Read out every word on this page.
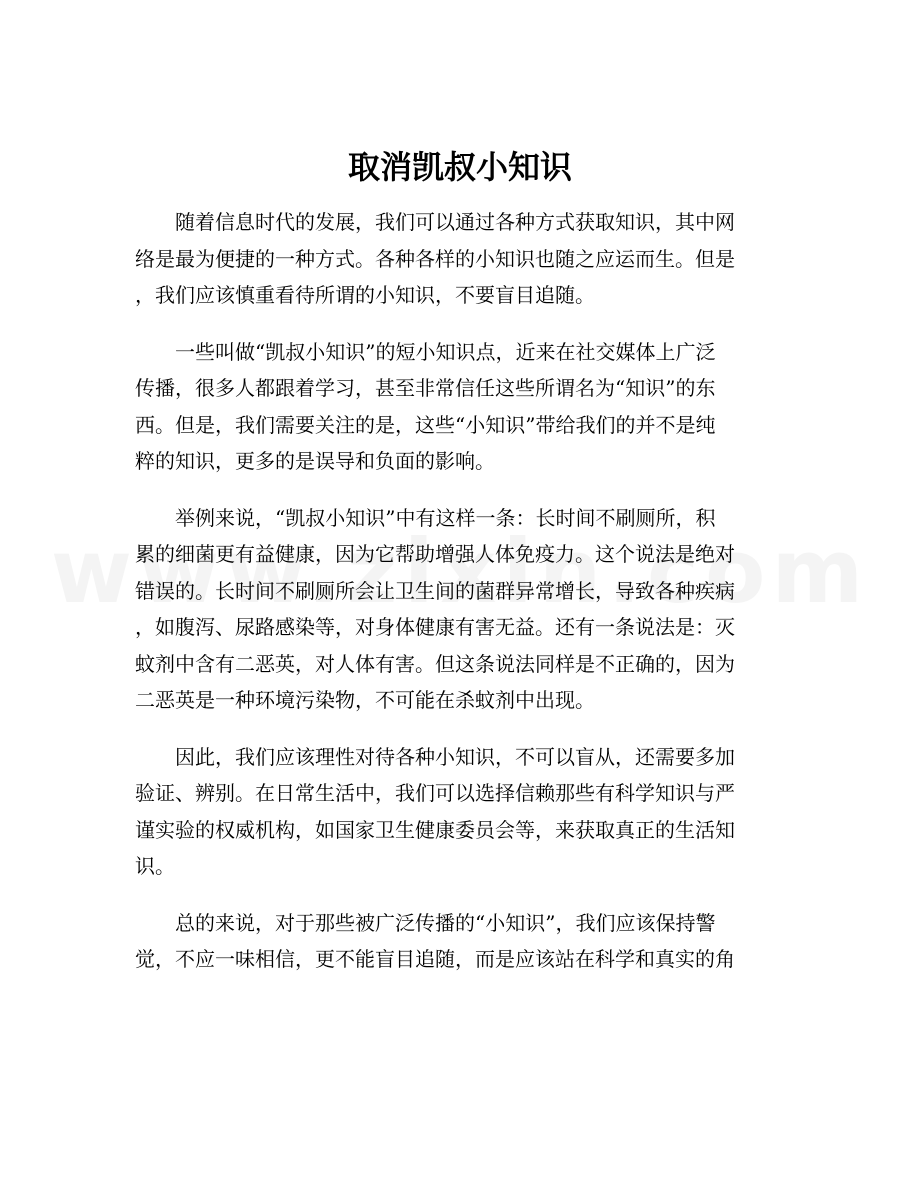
取消凯叔小知识

随着信息时代的发展，我们可以通过各种方式获取知识，其中网
络是最为便捷的一种方式。各种各样的小知识也随之应运而生。但是
，我们应该慎重看待所谓的小知识，不要盲目追随。

一些叫做“凯叔小知识”的短小知识点，近来在社交媒体上广泛
传播，很多人都跟着学习，甚至非常信任这些所谓名为“知识”的东
西。但是，我们需要关注的是，这些“小知识”带给我们的并不是纯
粹的知识，更多的是误导和负面的影响。

举例来说，“凯叔小知识”中有这样一条：长时间不刷厕所，积
累的细菌更有益健康，因为它帮助增强人体免疫力。这个说法是绝对
错误的。长时间不刷厕所会让卫生间的菌群异常增长，导致各种疾病
，如腹泻、尿路感染等，对身体健康有害无益。还有一条说法是：灭
蚊剂中含有二恶英，对人体有害。但这条说法同样是不正确的，因为
二恶英是一种环境污染物，不可能在杀蚊剂中出现。

因此，我们应该理性对待各种小知识，不可以盲从，还需要多加
验证、辨别。在日常生活中，我们可以选择信赖那些有科学知识与严
谨实验的权威机构，如国家卫生健康委员会等，来获取真正的生活知
识。

总的来说，对于那些被广泛传播的“小知识”，我们应该保持警
觉，不应一味相信，更不能盲目追随，而是应该站在科学和真实的角
